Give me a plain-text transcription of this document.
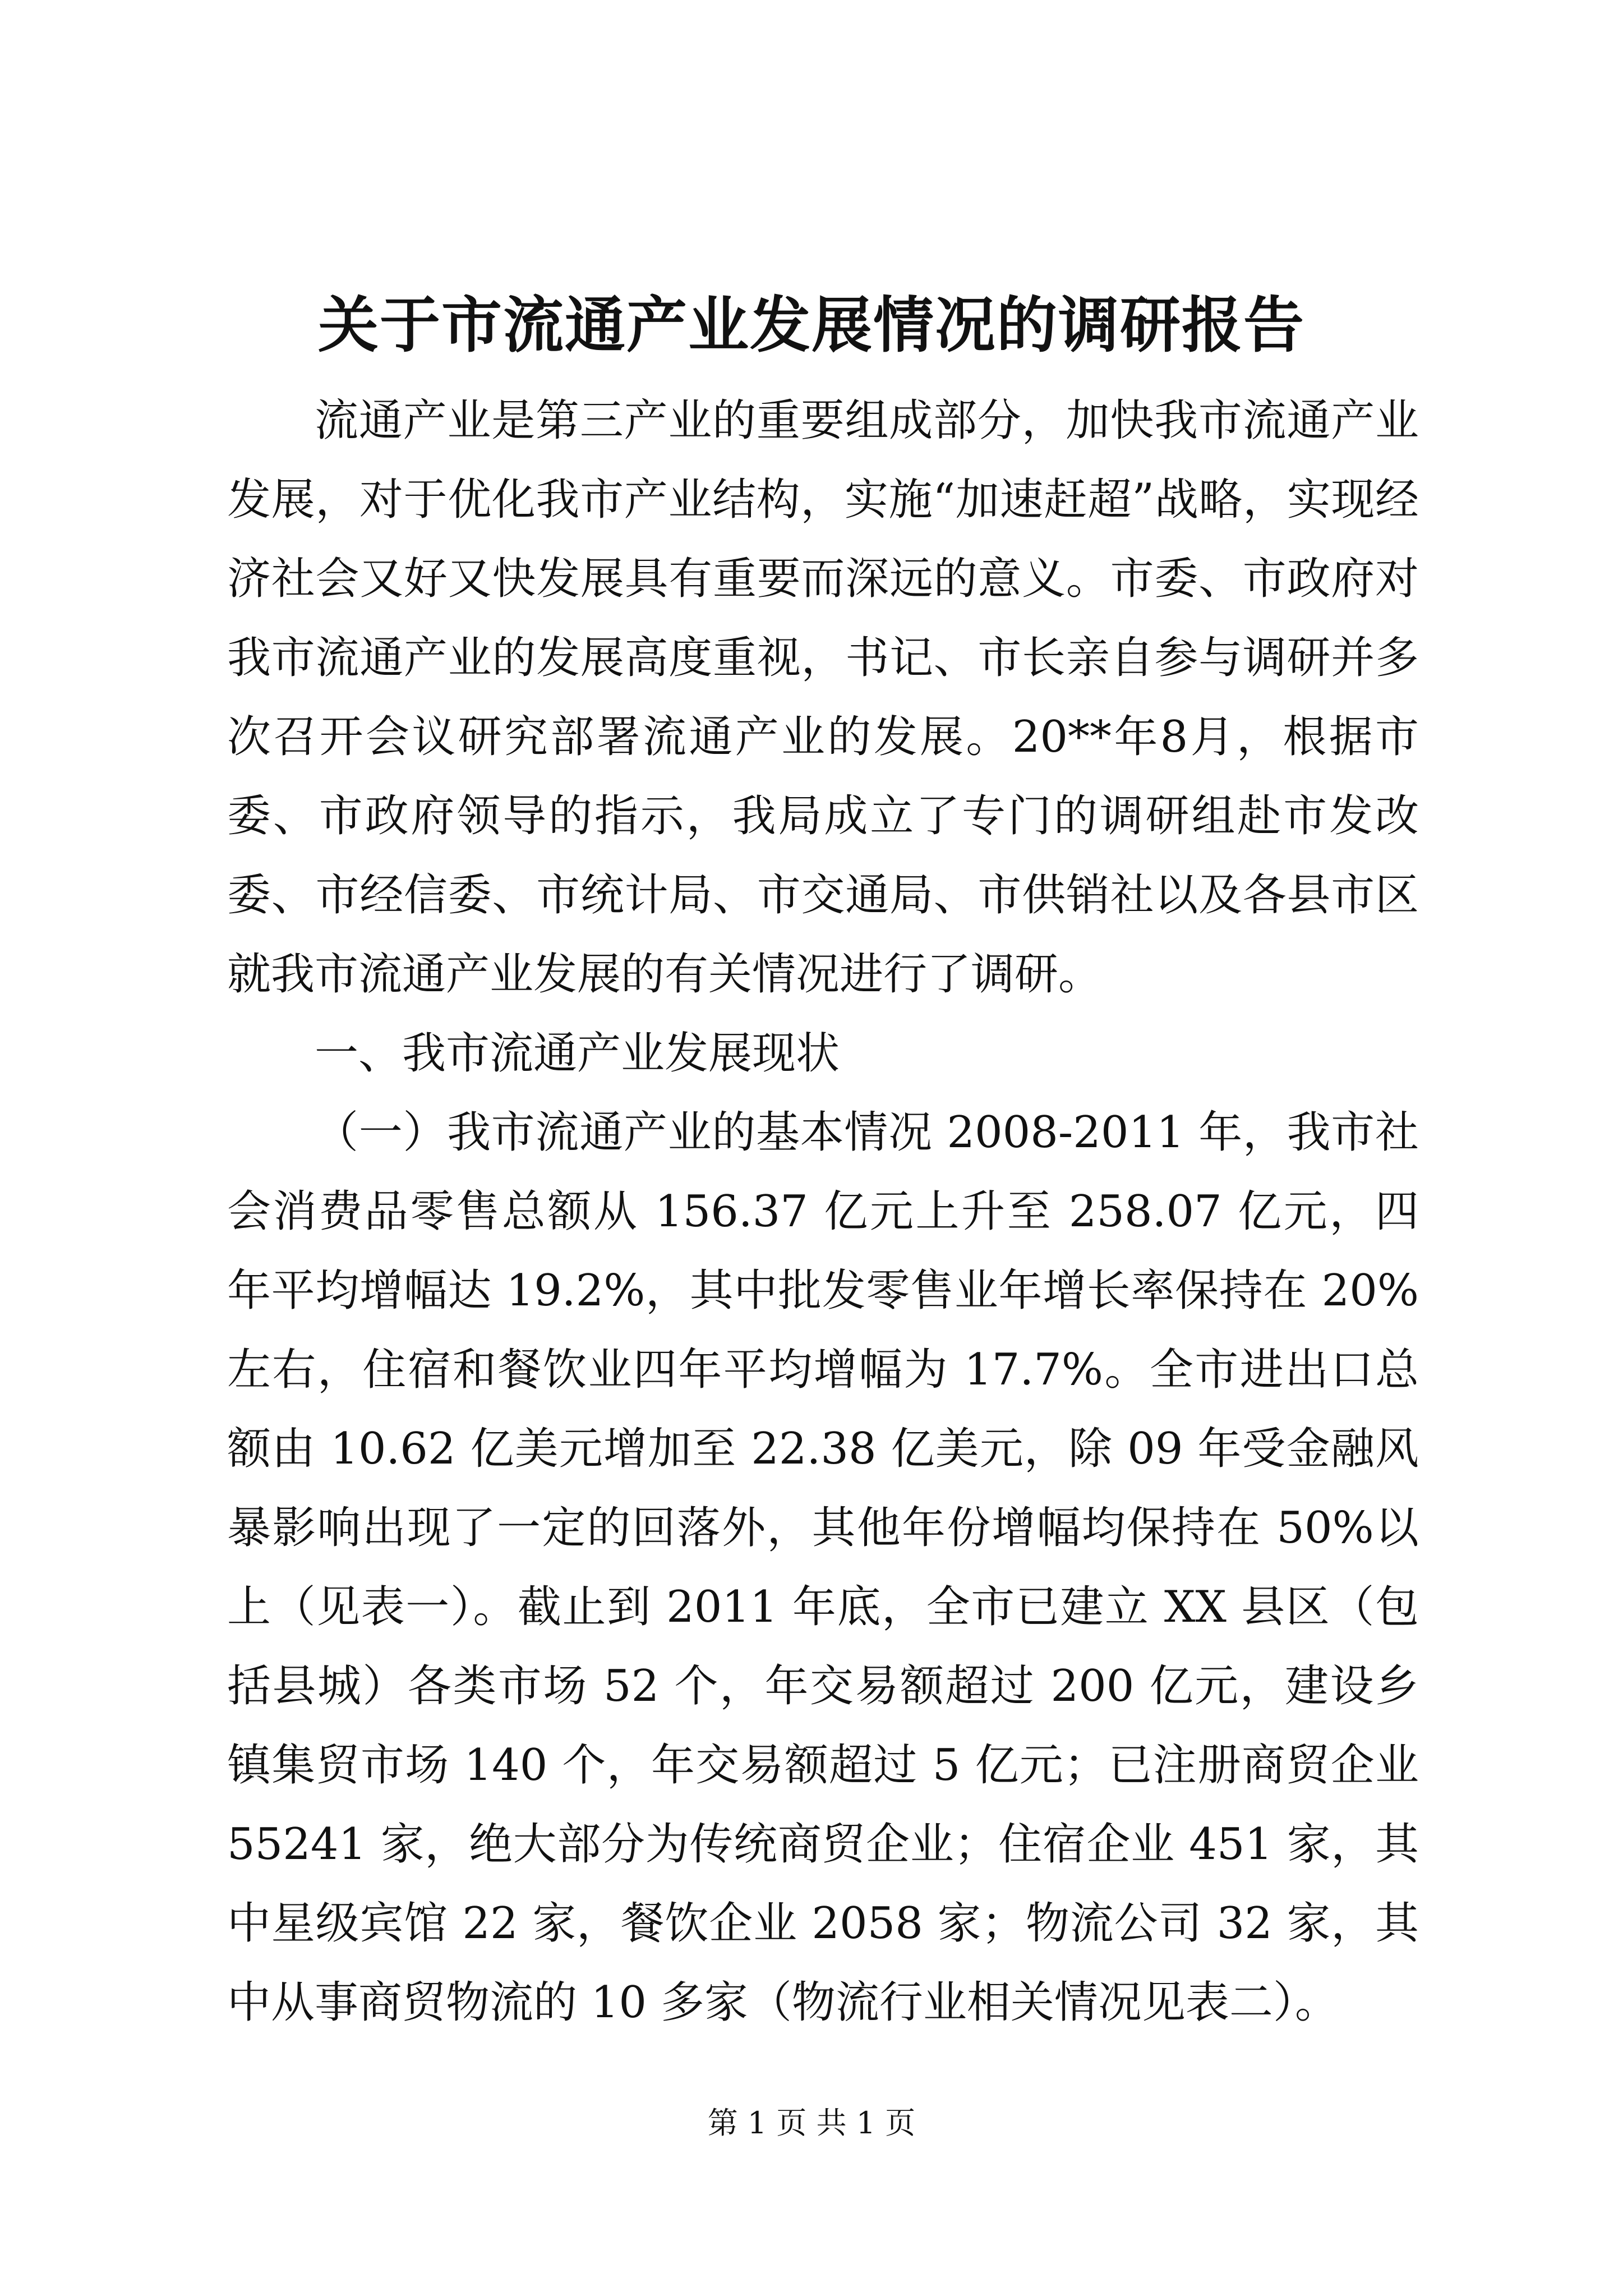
关于市流通产业发展情况的调研报告

流通产业是第三产业的重要组成部分，加快我市流通产业发展，对于优化我市产业结构，实施“加速赶超”战略，实现经济社会又好又快发展具有重要而深远的意义。市委、市政府对我市流通产业的发展高度重视，书记、市长亲自参与调研并多次召开会议研究部署流通产业的发展。20**年8月，根据市委、市政府领导的指示，我局成立了专门的调研组赴市发改委、市经信委、市统计局、市交通局、市供销社以及各县市区就我市流通产业发展的有关情况进行了调研。

一、我市流通产业发展现状

（一）我市流通产业的基本情况 2008-2011 年，我市社会消费品零售总额从 156.37 亿元上升至 258.07 亿元，四年平均增幅达 19.2%，其中批发零售业年增长率保持在 20%左右，住宿和餐饮业四年平均增幅为 17.7%。全市进出口总额由 10.62 亿美元增加至 22.38 亿美元，除 09 年受金融风暴影响出现了一定的回落外，其他年份增幅均保持在 50%以上（见表一）。截止到 2011 年底，全市已建立 XX 县区（包括县城）各类市场 52 个，年交易额超过 200 亿元，建设乡镇集贸市场 140 个，年交易额超过 5 亿元；已注册商贸企业 55241 家，绝大部分为传统商贸企业；住宿企业 451 家，其中星级宾馆 22 家，餐饮企业 2058 家；物流公司 32 家，其中从事商贸物流的 10 多家（物流行业相关情况见表二）。

第 1 页 共 1 页
